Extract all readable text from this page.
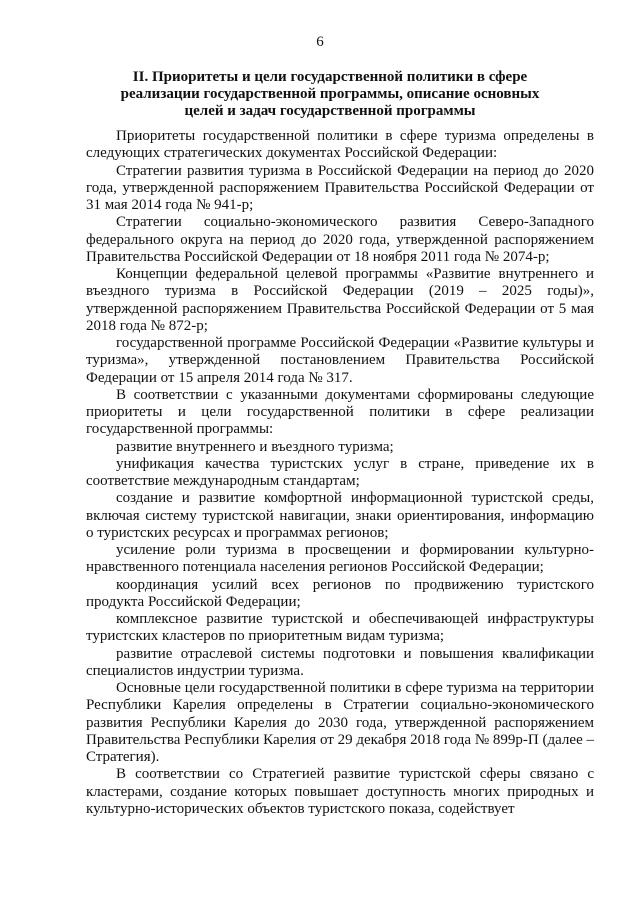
6
II. Приоритеты и цели государственной политики в сфере
реализации государственной программы, описание основных
целей и задач государственной программы

Приоритеты государственной политики в сфере туризма определены в следующих стратегических документах Российской Федерации:

Стратегии развития туризма в Российской Федерации на период до 2020 года, утвержденной распоряжением Правительства Российской Федерации от 31 мая 2014 года № 941-р;

Стратегии социально-экономического развития Северо-Западного федерального округа на период до 2020 года, утвержденной распоряжением Правительства Российской Федерации от 18 ноября 2011 года № 2074-р;

Концепции федеральной целевой программы «Развитие внутреннего и въездного туризма в Российской Федерации (2019 – 2025 годы)», утвержденной распоряжением Правительства Российской Федерации от 5 мая 2018 года № 872-р;

государственной программе Российской Федерации «Развитие культуры и туризма», утвержденной постановлением Правительства Российской Федерации от 15 апреля 2014 года № 317.

В соответствии с указанными документами сформированы следующие приоритеты и цели государственной политики в сфере реализации государственной программы:

развитие внутреннего и въездного туризма;

унификация качества туристских услуг в стране, приведение их в соответствие международным стандартам;

создание и развитие комфортной информационной туристской среды, включая систему туристской навигации, знаки ориентирования, информацию о туристских ресурсах и программах регионов;

усиление роли туризма в просвещении и формировании культурно-нравственного потенциала населения регионов Российской Федерации;

координация усилий всех регионов по продвижению туристского продукта Российской Федерации;

комплексное развитие туристской и обеспечивающей инфраструктуры туристских кластеров по приоритетным видам туризма;

развитие отраслевой системы подготовки и повышения квалификации специалистов индустрии туризма.

Основные цели государственной политики в сфере туризма на территории Республики Карелия определены в Стратегии социально-экономического развития Республики Карелия до 2030 года, утвержденной распоряжением Правительства Республики Карелия от 29 декабря 2018 года № 899р-П (далее – Стратегия).

В соответствии со Стратегией развитие туристской сферы связано с кластерами, создание которых повышает доступность многих природных и культурно-исторических объектов туристского показа, содействует
